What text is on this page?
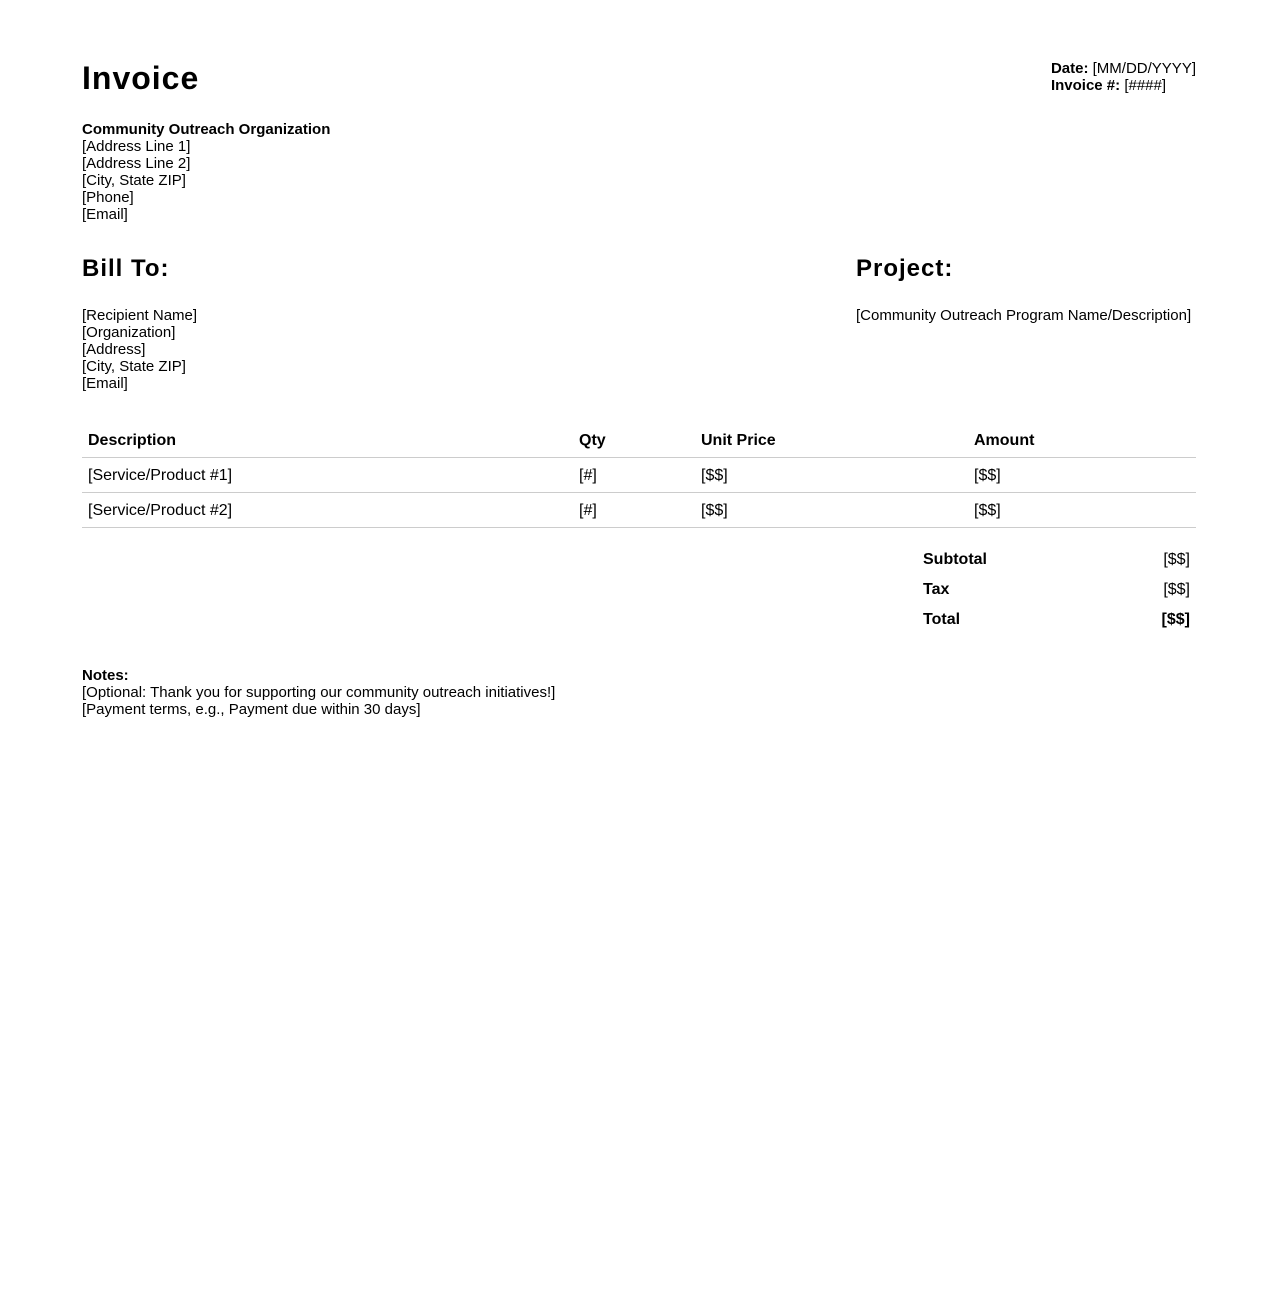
Invoice	Date: [MM/DD/YYYY]
Invoice #: [####]
Community Outreach Organization
[Address Line 1]
[Address Line 2]
[City, State ZIP]
[Phone]
[Email]
Bill To:
[Recipient Name]
[Organization]
[Address]
[City, State ZIP]
[Email]
Project:
[Community Outreach Program Name/Description]
Description	Qty	Unit Price	Amount
[Service/Product #1]	[#]	[$$]	[$$]
[Service/Product #2]	[#]	[$$]	[$$]
Subtotal	[$$]
Tax	[$$]
Total	[$$]
Notes:
[Optional: Thank you for supporting our community outreach initiatives!]
[Payment terms, e.g., Payment due within 30 days]
